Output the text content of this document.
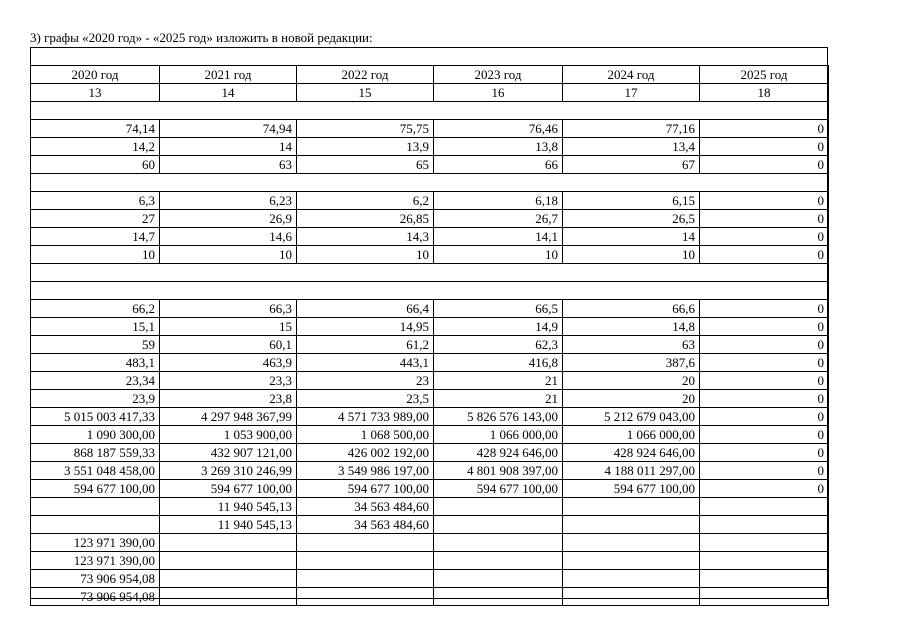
3) графы «2020 год» - «2025 год» изложить в новой редакции:
2020 год	2021 год	2022 год	2023 год	2024 год	2025 год
13	14	15	16	17	18

74,14	74,94	75,75	76,46	77,16	0
14,2	14	13,9	13,8	13,4	0
60	63	65	66	67	0

6,3	6,23	6,2	6,18	6,15	0
27	26,9	26,85	26,7	26,5	0
14,7	14,6	14,3	14,1	14	0
10	10	10	10	10	0

66,2	66,3	66,4	66,5	66,6	0
15,1	15	14,95	14,9	14,8	0
59	60,1	61,2	62,3	63	0
483,1	463,9	443,1	416,8	387,6	0
23,34	23,3	23	21	20	0
23,9	23,8	23,5	21	20	0
5 015 003 417,33	4 297 948 367,99	4 571 733 989,00	5 826 576 143,00	5 212 679 043,00	0
1 090 300,00	1 053 900,00	1 068 500,00	1 066 000,00	1 066 000,00	0
868 187 559,33	432 907 121,00	426 002 192,00	428 924 646,00	428 924 646,00	0
3 551 048 458,00	3 269 310 246,99	3 549 986 197,00	4 801 908 397,00	4 188 011 297,00	0
594 677 100,00	594 677 100,00	594 677 100,00	594 677 100,00	594 677 100,00	0
	11 940 545,13	34 563 484,60			
	11 940 545,13	34 563 484,60			
123 971 390,00					
123 971 390,00					
73 906 954,08					
73 906 954,08					
